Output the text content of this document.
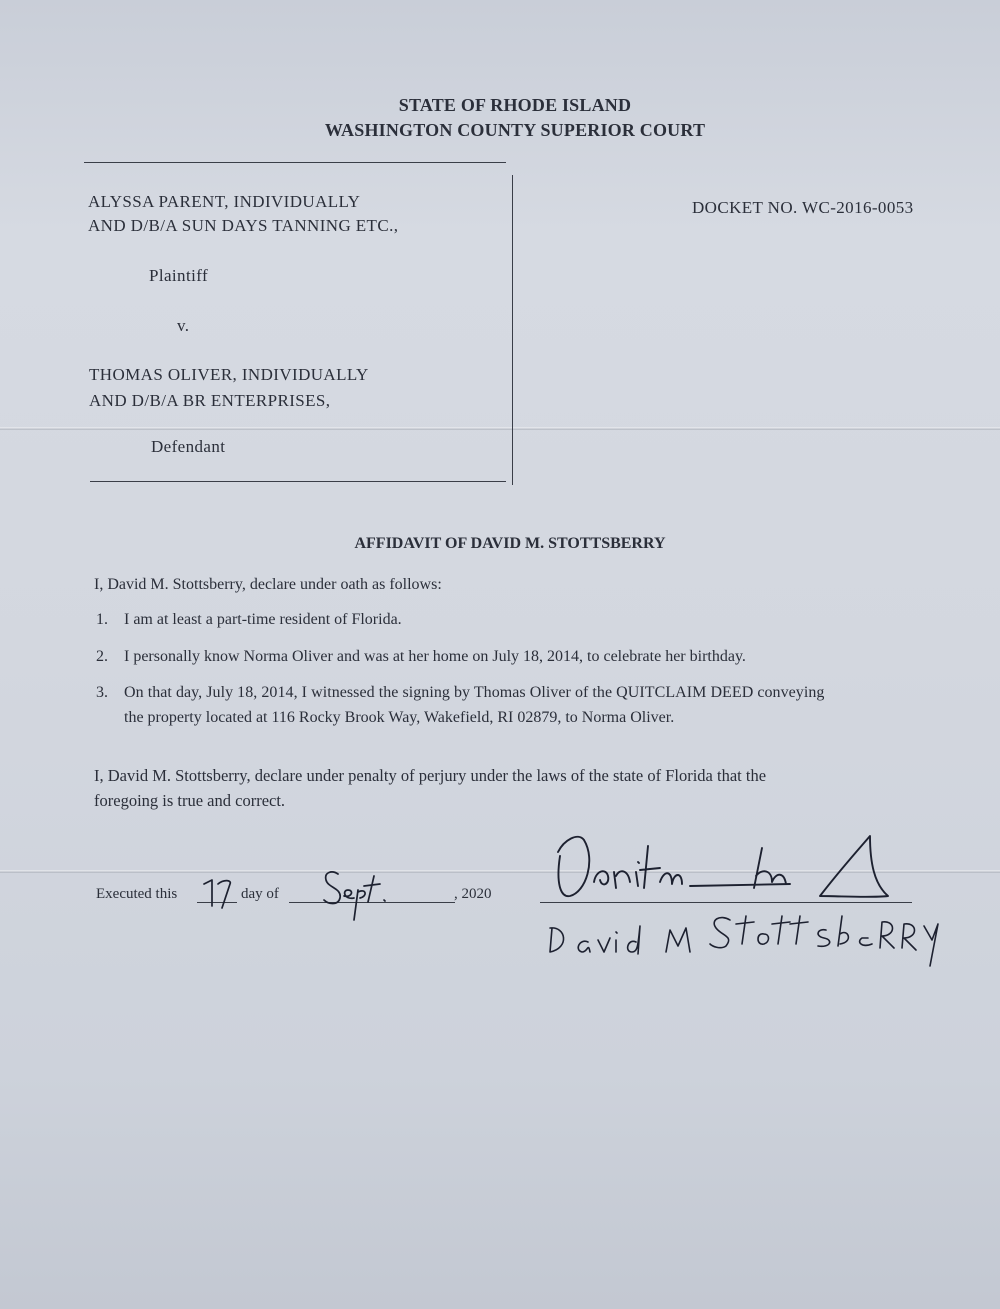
STATE OF RHODE ISLAND
WASHINGTON COUNTY SUPERIOR COURT
ALYSSA PARENT, INDIVIDUALLY
AND D/B/A SUN DAYS TANNING ETC.,
Plaintiff
v.
THOMAS OLIVER, INDIVIDUALLY
AND D/B/A BR ENTERPRISES,
Defendant
DOCKET NO. WC-2016-0053
AFFIDAVIT OF DAVID M. STOTTSBERRY
I, David M. Stottsberry, declare under oath as follows:
1. I am at least a part-time resident of Florida.
2. I personally know Norma Oliver and was at her home on July 18, 2014, to celebrate her birthday.
3. On that day, July 18, 2014, I witnessed the signing by Thomas Oliver of the QUITCLAIM DEED conveying
the property located at 116 Rocky Brook Way, Wakefield, RI 02879, to Norma Oliver.
I, David M. Stottsberry, declare under penalty of perjury under the laws of the state of Florida that the
foregoing is true and correct.
Executed this	day of	, 2020
